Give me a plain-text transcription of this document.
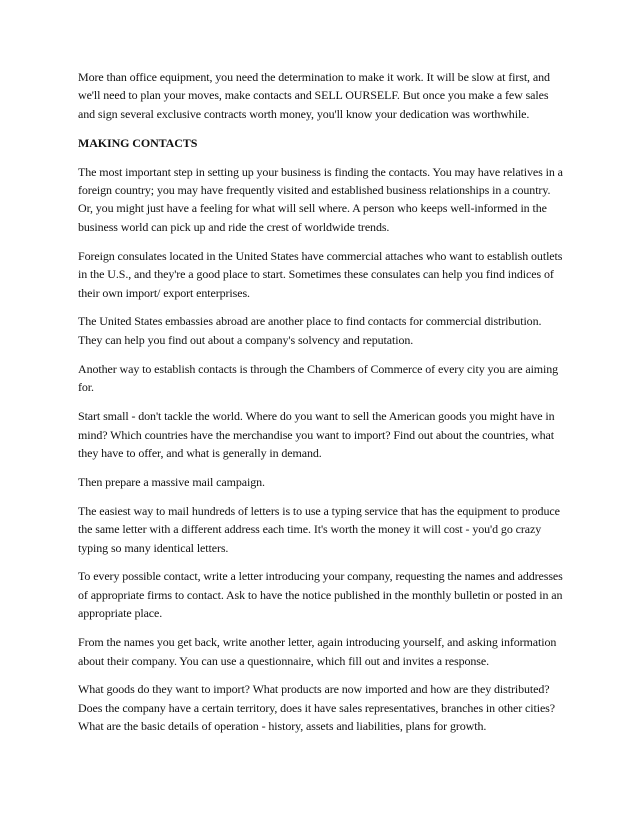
More than office equipment, you need the determination to make it work. It will be slow at first, and we'll need to plan your moves, make contacts and SELL OURSELF. But once you make a few sales and sign several exclusive contracts worth money, you'll know your dedication was worthwhile.

MAKING CONTACTS

The most important step in setting up your business is finding the contacts. You may have relatives in a foreign country; you may have frequently visited and established business relationships in a country. Or, you might just have a feeling for what will sell where. A person who keeps well-informed in the business world can pick up and ride the crest of worldwide trends.

Foreign consulates located in the United States have commercial attaches who want to establish outlets in the U.S., and they're a good place to start. Sometimes these consulates can help you find indices of their own import/ export enterprises.

The United States embassies abroad are another place to find contacts for commercial distribution. They can help you find out about a company's solvency and reputation.

Another way to establish contacts is through the Chambers of Commerce of every city you are aiming for.

Start small - don't tackle the world. Where do you want to sell the American goods you might have in mind? Which countries have the merchandise you want to import? Find out about the countries, what they have to offer, and what is generally in demand.

Then prepare a massive mail campaign.

The easiest way to mail hundreds of letters is to use a typing service that has the equipment to produce the same letter with a different address each time. It's worth the money it will cost - you'd go crazy typing so many identical letters.

To every possible contact, write a letter introducing your company, requesting the names and addresses of appropriate firms to contact. Ask to have the notice published in the monthly bulletin or posted in an appropriate place.

From the names you get back, write another letter, again introducing yourself, and asking information about their company. You can use a questionnaire, which fill out and invites a response.

What goods do they want to import? What products are now imported and how are they distributed? Does the company have a certain territory, does it have sales representatives, branches in other cities? What are the basic details of operation - history, assets and liabilities, plans for growth.
